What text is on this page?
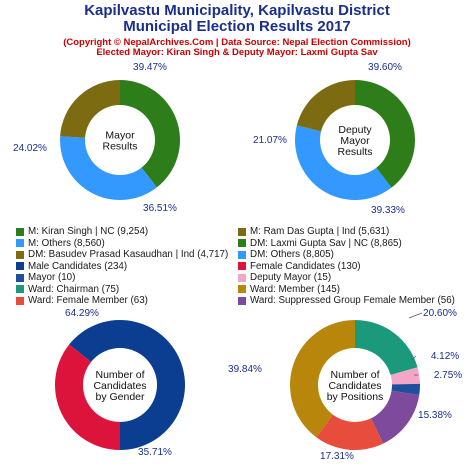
Kapilvastu Municipality, Kapilvastu District
Municipal Election Results 2017
(Copyright © NepalArchives.Com | Data Source: Nepal Election Commission)
Elected Mayor: Kiran Singh & Deputy Mayor: Laxmi Gupta Sav
39.47%
36.51%
24.02%
Mayor
Results
39.60%
39.33%
21.07%
Deputy
Mayor
Results
64.29%
35.71%
Number of
Candidates
by Gender
20.60%
4.12%
2.75%
15.38%
17.31%
39.84%	Number of
Candidates
by Positions
M: Kiran Singh | NC (9,254)	M: Ram Das Gupta | Ind (5,631)
M: Others (8,560)	DM: Laxmi Gupta Sav | NC (8,865)
DM: Basudev Prasad Kasaudhan | Ind (4,717) DM: Others (8,805)
Male Candidates (234)	Female Candidates (130)
Mayor (10)	Deputy Mayor (15)
Ward: Chairman (75)	Ward: Member (145)
Ward: Female Member (63)	Ward: Suppressed Group Female Member (56)
